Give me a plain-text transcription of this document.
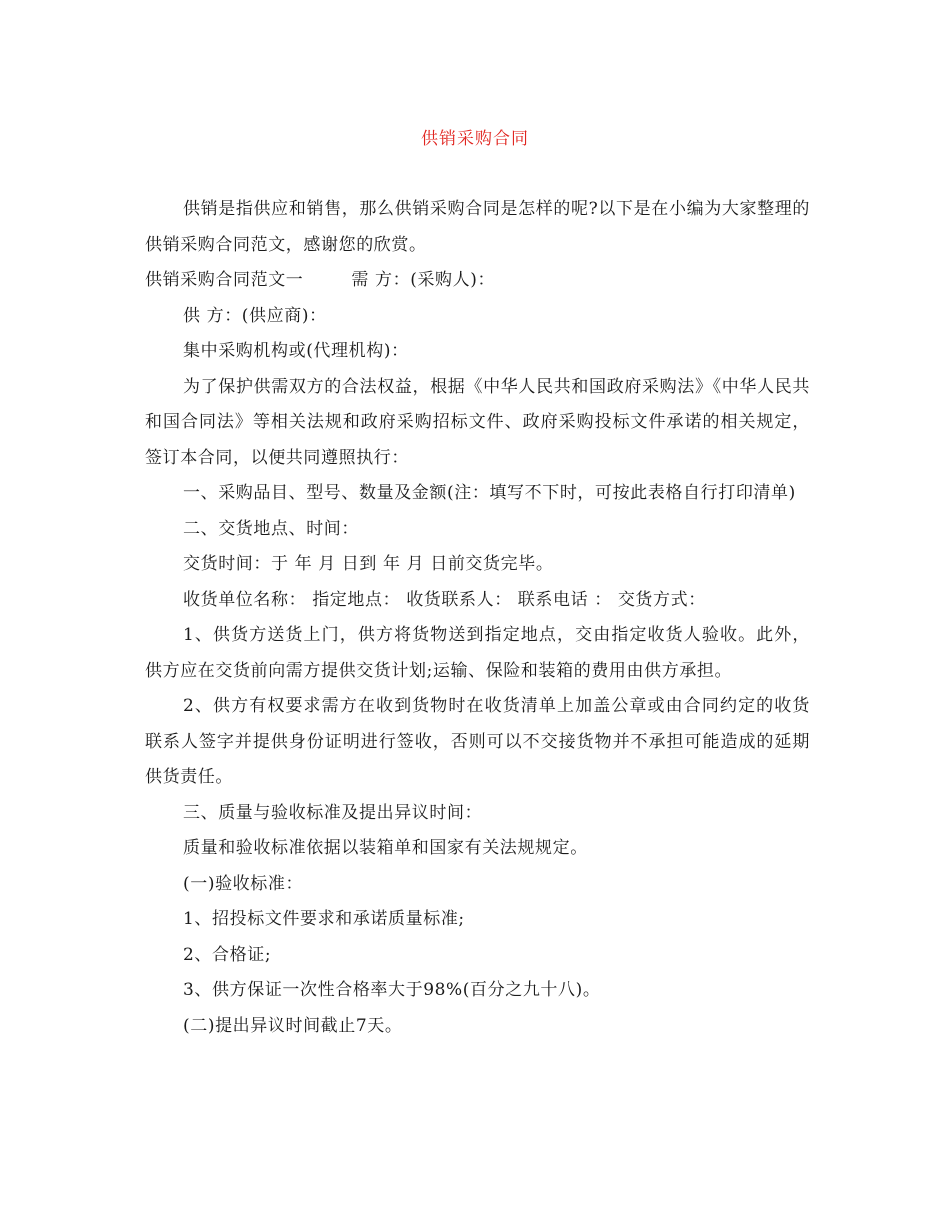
供销采购合同

供销是指供应和销售，那么供销采购合同是怎样的呢?以下是在小编为大家整理的供销采购合同范文，感谢您的欣赏。

供销采购合同范文一	需 方：(采购人)：

供 方：(供应商)：

集中采购机构或(代理机构)：

为了保护供需双方的合法权益，根据《中华人民共和国政府采购法》《中华人民共和国合同法》等相关法规和政府采购招标文件、政府采购投标文件承诺的相关规定，签订本合同，以便共同遵照执行：

一、采购品目、型号、数量及金额(注：填写不下时，可按此表格自行打印清单)

二、交货地点、时间：

交货时间：于 年 月 日到 年 月 日前交货完毕。

收货单位名称： 指定地点： 收货联系人： 联系电话 ： 交货方式：

1、供货方送货上门，供方将货物送到指定地点，交由指定收货人验收。此外，供方应在交货前向需方提供交货计划;运输、保险和装箱的费用由供方承担。

2、供方有权要求需方在收到货物时在收货清单上加盖公章或由合同约定的收货联系人签字并提供身份证明进行签收，否则可以不交接货物并不承担可能造成的延期供货责任。

三、质量与验收标准及提出异议时间：

质量和验收标准依据以装箱单和国家有关法规规定。

(一)验收标准：

1、招投标文件要求和承诺质量标准;

2、合格证;

3、供方保证一次性合格率大于98%(百分之九十八)。

(二)提出异议时间截止7天。
